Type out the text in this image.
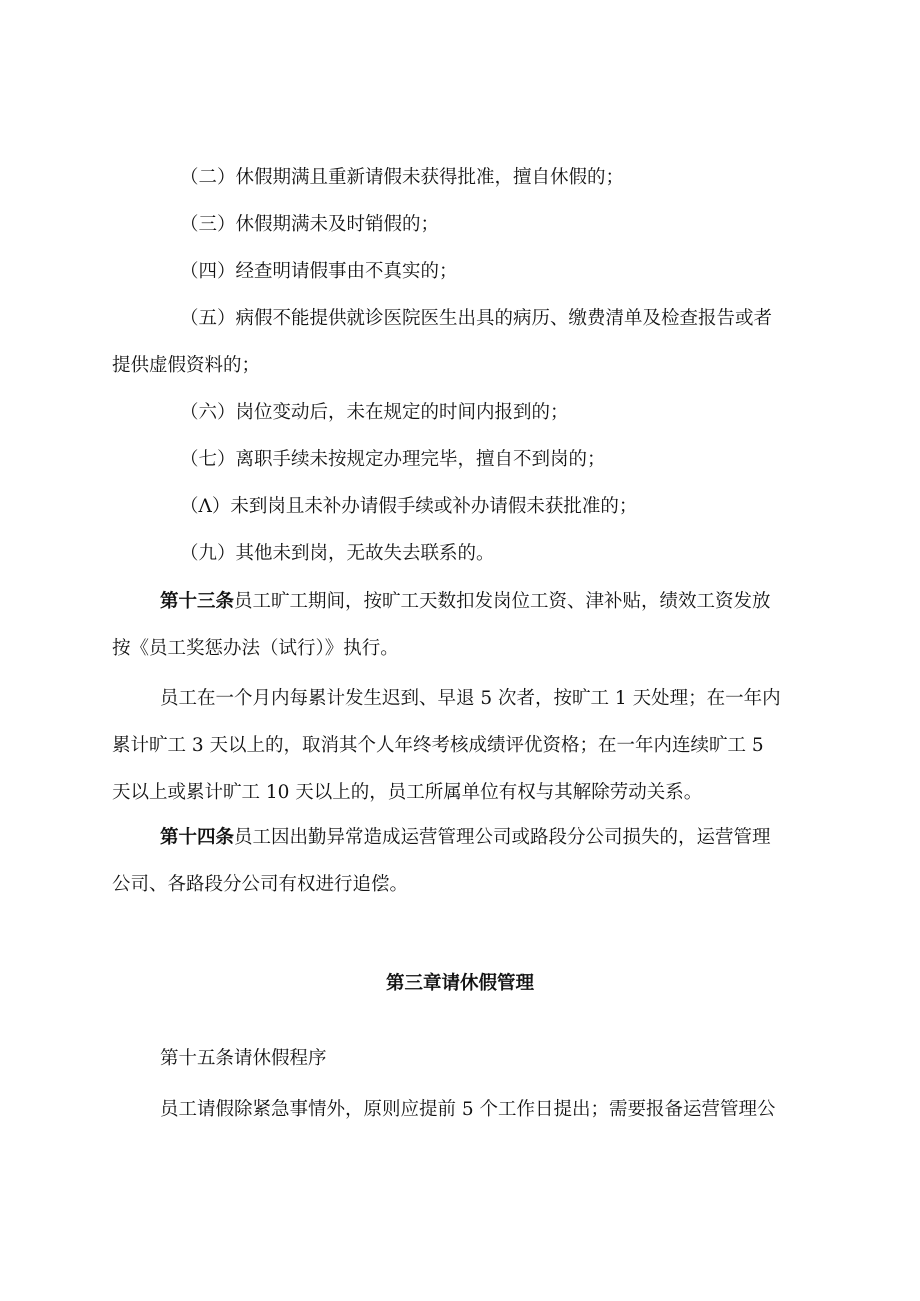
（二）休假期满且重新请假未获得批准，擅自休假的；
（三）休假期满未及时销假的；
（四）经查明请假事由不真实的；
（五）病假不能提供就诊医院医生出具的病历、缴费清单及检查报告或者
提供虚假资料的；
（六）岗位变动后，未在规定的时间内报到的；
（七）离职手续未按规定办理完毕，擅自不到岗的；
（Λ）未到岗且未补办请假手续或补办请假未获批准的；
（九）其他未到岗，无故失去联系的。
第十三条员工旷工期间，按旷工天数扣发岗位工资、津补贴，绩效工资发放
按《员工奖惩办法（试行）》执行。
员工在一个月内每累计发生迟到、早退 5 次者，按旷工 1 天处理；在一年内
累计旷工 3 天以上的，取消其个人年终考核成绩评优资格；在一年内连续旷工 5
天以上或累计旷工 10 天以上的，员工所属单位有权与其解除劳动关系。
第十四条员工因出勤异常造成运营管理公司或路段分公司损失的，运营管理
公司、各路段分公司有权进行追偿。
第三章请休假管理
第十五条请休假程序
员工请假除紧急事情外，原则应提前 5 个工作日提出；需要报备运营管理公
